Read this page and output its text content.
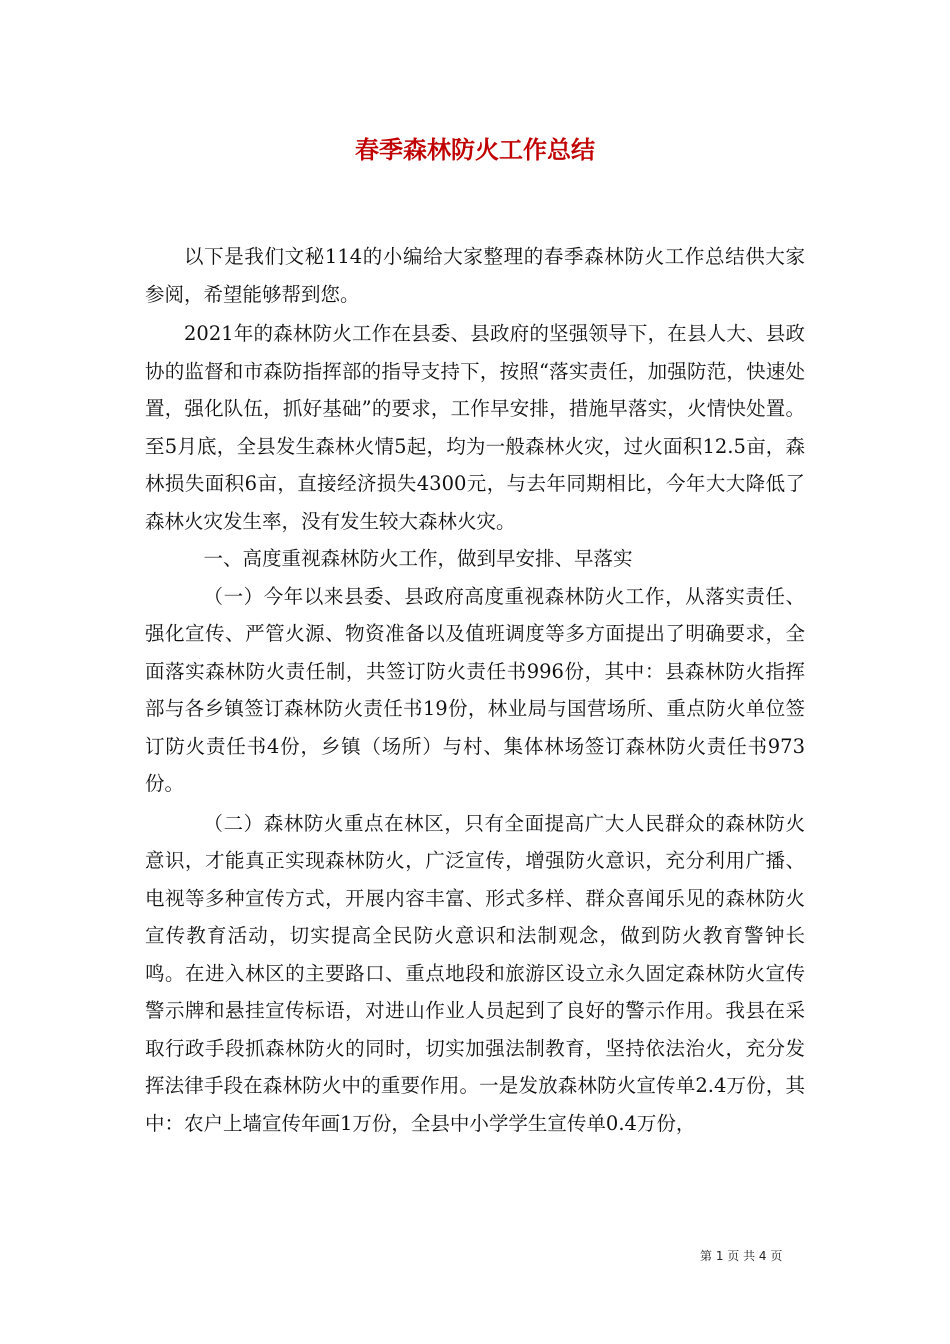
春季森林防火工作总结

以下是我们文秘114的小编给大家整理的春季森林防火工作总结供大家参阅，希望能够帮到您。

2021年的森林防火工作在县委、县政府的坚强领导下，在县人大、县政协的监督和市森防指挥部的指导支持下，按照“落实责任，加强防范，快速处置，强化队伍，抓好基础”的要求，工作早安排，措施早落实，火情快处置。至5月底，全县发生森林火情5起，均为一般森林火灾，过火面积12.5亩，森林损失面积6亩，直接经济损失4300元，与去年同期相比，今年大大降低了森林火灾发生率，没有发生较大森林火灾。

一、高度重视森林防火工作，做到早安排、早落实

（一）今年以来县委、县政府高度重视森林防火工作，从落实责任、强化宣传、严管火源、物资准备以及值班调度等多方面提出了明确要求，全面落实森林防火责任制，共签订防火责任书996份，其中：县森林防火指挥部与各乡镇签订森林防火责任书19份，林业局与国营场所、重点防火单位签订防火责任书4份，乡镇（场所）与村、集体林场签订森林防火责任书973份。

（二）森林防火重点在林区，只有全面提高广大人民群众的森林防火意识，才能真正实现森林防火，广泛宣传，增强防火意识，充分利用广播、电视等多种宣传方式，开展内容丰富、形式多样、群众喜闻乐见的森林防火宣传教育活动，切实提高全民防火意识和法制观念，做到防火教育警钟长鸣。在进入林区的主要路口、重点地段和旅游区设立永久固定森林防火宣传警示牌和悬挂宣传标语，对进山作业人员起到了良好的警示作用。我县在采取行政手段抓森林防火的同时，切实加强法制教育，坚持依法治火，充分发挥法律手段在森林防火中的重要作用。一是发放森林防火宣传单2.4万份，其中：农户上墙宣传年画1万份，全县中小学学生宣传单0.4万份，

第 1 页 共 4 页
